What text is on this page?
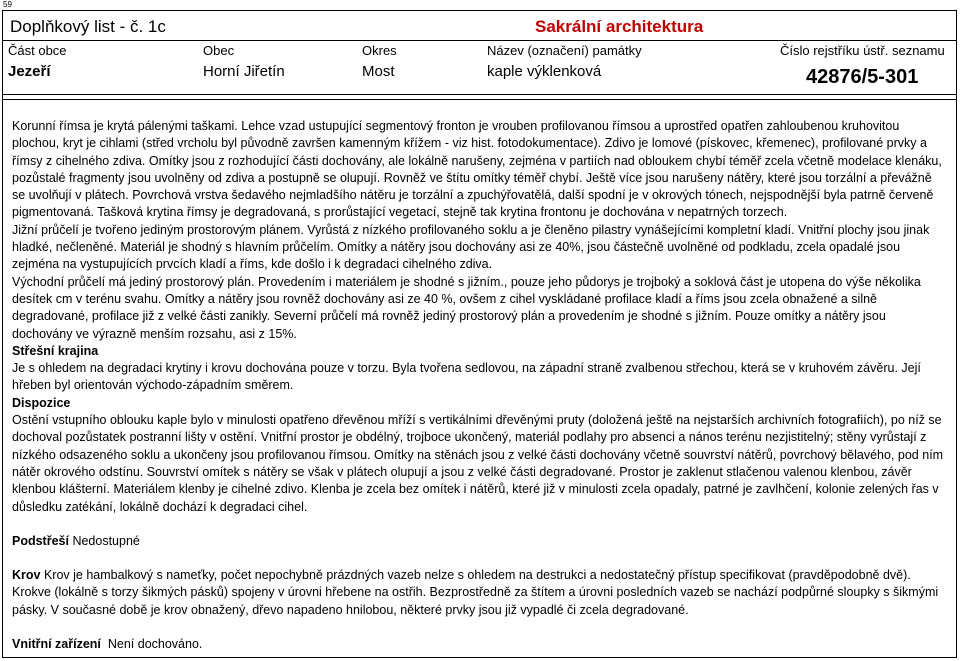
59
Doplňkový list - č. 1c	Sakrální architektura
Část obce	Obec	Okres	Název (označení) památky	Číslo rejstříku ústř. seznamu
Jezeří	Horní Jiřetín	Most	kaple výklenková	42876/5-301

Korunní římsa je krytá pálenými taškami. Lehce vzad ustupující segmentový fronton je vrouben profilovanou římsou a uprostřed opatřen zahloubenou kruhovitou plochou, kryt je cihlami (střed vrcholu byl původně završen kamenným křížem - viz hist. fotodokumentace). Zdivo je lomové (pískovec, křemenec), profilované prvky a římsy z cihelného zdiva. Omítky jsou z rozhodující části dochovány, ale lokálně narušeny, zejména v partiích nad obloukem chybí téměř zcela včetně modelace klenáku, pozůstalé fragmenty jsou uvolněny od zdiva a postupně se olupují. Rovněž ve štítu omítky téměř chybí. Ještě více jsou narušeny nátěry, které jsou torzální a převážně se uvolňují v plátech. Povrchová vrstva šedavého nejmladšího nátěru je torzální a zpuchýřovatělá, další spodní je v okrových tónech, nejspodnější byla patrně červeně pigmentovaná. Tašková krytina římsy je degradovaná, s prorůstající vegetací, stejně tak krytina frontonu je dochována v nepatrných torzech.

Jižní průčelí je tvořeno jediným prostorovým plánem. Vyrůstá z nízkého profilovaného soklu a je členěno pilastry vynášejícími kompletní kladí. Vnitřní plochy jsou jinak hladké, nečleněné. Materiál je shodný s hlavním průčelím. Omítky a nátěry jsou dochovány asi ze 40%, jsou částečně uvolněné od podkladu, zcela opadalé jsou zejména na vystupujících prvcích kladí a říms, kde došlo i k degradaci cihelného zdiva.

Východní průčelí má jediný prostorový plán. Provedením i materiálem je shodné s jižním., pouze jeho půdorys je trojboký a soklová část je utopena do výše několika desítek cm v terénu svahu. Omítky a nátěry jsou rovněž dochovány asi ze 40 %, ovšem z cihel vyskládané profilace kladí a říms jsou zcela obnažené a silně degradované, profilace již z velké části zanikly. Severní průčelí má rovněž jediný prostorový plán a provedením je shodné s jižním. Pouze omítky a nátěry jsou dochovány ve výrazně menším rozsahu, asi z 15%.

Střešní krajina

Je s ohledem na degradaci krytiny i krovu dochována pouze v torzu. Byla tvořena sedlovou, na západní straně zvalbenou střechou, která se v kruhovém závěru. Její hřeben byl orientován východo-západním směrem.

Dispozice

Ostění vstupního oblouku kaple bylo v minulosti opatřeno dřevěnou mříží s vertikálními dřevěnými pruty (doložená ještě na nejstarších archivních fotografiích), po níž se dochoval pozůstatek postranní lišty v ostění. Vnitřní prostor je obdélný, trojboce ukončený, materiál podlahy pro absenci a nános terénu nezjistitelný; stěny vyrůstají z nízkého odsazeného soklu a ukončeny jsou profilovanou římsou. Omítky na stěnách jsou z velké části dochovány včetně souvrství nátěrů, povrchový bělavého, pod ním nátěr okrového odstínu. Souvrství omítek s nátěry se však v plátech olupují a jsou z velké části degradované. Prostor je zaklenut stlačenou valenou klenbou, závěr klenbou klášterní. Materiálem klenby je cihelné zdivo. Klenba je zcela bez omítek i nátěrů, které již v minulosti zcela opadaly, patrné je zavlhčení, kolonie zelených řas v důsledku zatékání, lokálně dochází k degradaci cihel.

Podstřeší Nedostupné

Krov Krov je hambalkový s nameťky, počet nepochybně prázdných vazeb nelze s ohledem na destrukci a nedostatečný přístup specifikovat (pravděpodobně dvě). Krokve (lokálně s torzy šikmých pásků) spojeny v úrovni hřebene na ostřih. Bezprostředně za štítem a úrovni posledních vazeb se nachází podpůrné sloupky s šikmými pásky. V současné době je krov obnažený, dřevo napadeno hnilobou, některé prvky jsou již vypadlé či zcela degradované.

Vnitřní zařízení Není dochováno.
